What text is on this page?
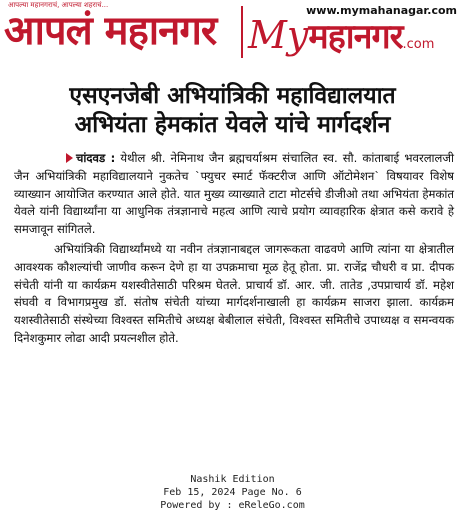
आपल्या महानगराचं, आपल्या शहराचं...
आपलं महानगर	www.mymahanagar.com
Myमहानगर.com
एसएनजेबी अभियांत्रिकी महाविद्यालयात
अभियंता हेमकांत येवले यांचे मार्गदर्शन

चांदवड : येथील श्री. नेमिनाथ जैन ब्रह्मचर्याश्रम संचालित स्व. सौ. कांताबाई भवरलालजी जैन अभियांत्रिकी महाविद्यालयाने नुकतेच `फ्युचर स्मार्ट फॅक्टरीज आणि ऑटोमेशन` विषयावर विशेष व्याख्यान आयोजित करण्यात आले होते. यात मुख्य व्याख्याते टाटा मोटर्सचे डीजीओ तथा अभियंता हेमकांत येवले यांनी विद्यार्थ्यांना या आधुनिक तंत्रज्ञानाचे महत्व आणि त्याचे प्रयोग व्यावहारिक क्षेत्रात कसे करावे हे समजावून सांगितले.

अभियांत्रिकी विद्यार्थ्यांमध्ये या नवीन तंत्रज्ञानाबद्दल जागरूकता वाढवणे आणि त्यांना या क्षेत्रातील आवश्यक कौशल्यांची जाणीव करून देणे हा या उपक्रमाचा मूळ हेतू होता. प्रा. राजेंद्र चौधरी व प्रा. दीपक संचेती यांनी या कार्यक्रम यशस्वीतेसाठी परिश्रम घेतले. प्राचार्य डॉ. आर. जी. तातेड ,उपप्राचार्य डॉ. महेश संघवी व विभागप्रमुख डॉ. संतोष संचेती यांच्या मार्गदर्शनाखाली हा कार्यक्रम साजरा झाला. कार्यक्रम यशस्वीतेसाठी संस्थेच्या विश्वस्त समितीचे अध्यक्ष बेबीलाल संचेती, विश्वस्त समितीचे उपाध्यक्ष व समन्वयक दिनेशकुमार लोढा आदी प्रयत्नशील होते.

Nashik Edition
Feb 15, 2024 Page No. 6
Powered by : eReleGo.com
